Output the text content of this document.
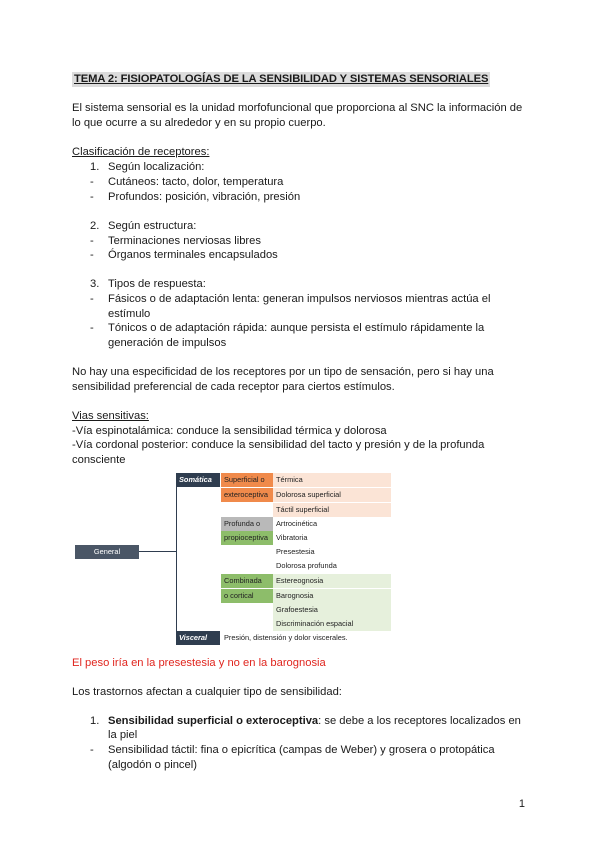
TEMA 2: FISIOPATOLOGÍAS DE LA SENSIBILIDAD Y SISTEMAS SENSORIALES
El sistema sensorial es la unidad morfofuncional que proporciona al SNC la información de
lo que ocurre a su alrededor y en su propio cuerpo.
Clasificación de receptores:
1. Según localización:
- Cutáneos: tacto, dolor, temperatura
- Profundos: posición, vibración, presión
2. Según estructura:
- Terminaciones nerviosas libres
- Órganos terminales encapsulados
3. Tipos de respuesta:
- Fásicos o de adaptación lenta: generan impulsos nerviosos mientras actúa el
estímulo
- Tónicos o de adaptación rápida: aunque persista el estímulo rápidamente la
generación de impulsos
No hay una especificidad de los receptores por un tipo de sensación, pero si hay una
sensibilidad preferencial de cada receptor para ciertos estímulos.
Vias sensitivas:
-Vía espinotalámica: conduce la sensibilidad térmica y dolorosa
-Vía cordonal posterior: conduce la sensibilidad del tacto y presión y de la profunda
consciente
General
Somática	Superficial o
exteroceptiva
Térmica
Dolorosa superficial
Táctil superficial
Profunda o
propioceptiva
Artrocinética
Vibratoria
Presestesia
Dolorosa profunda
Combinada
o cortical
Estereognosia
Barognosia
Grafoestesia
Discriminación espacial
Visceral	Presión, distensión y dolor viscerales.
El peso iría en la presestesia y no en la barognosia
Los trastornos afectan a cualquier tipo de sensibilidad:
1. Sensibilidad superficial o exteroceptiva: se debe a los receptores localizados en
la piel
- Sensibilidad táctil: fina o epicrítica (campas de Weber) y grosera o protopática
(algodón o pincel)
1
